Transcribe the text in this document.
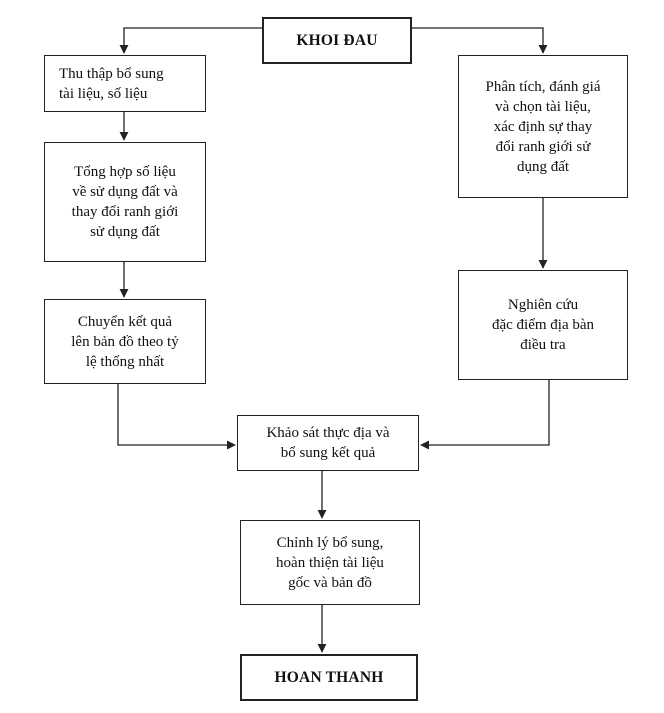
KHOI ĐAU
Thu thập bổ sung
tài liệu, số liệu
Tổng hợp số liệu
về sử dụng đất và
thay đổi ranh giới
sử dụng đất
Chuyển kết quả
lên bản đồ theo tỷ
lệ thống nhất
Phân tích, đánh giá
và chọn tài liệu,
xác định sự thay
đổi ranh giới sử
dụng đất
Nghiên cứu
đặc điểm địa bàn
điều tra
Khảo sát thực địa và
bổ sung kết quả
Chỉnh lý bổ sung,
hoàn thiện tài liệu
gốc và bản đồ
HOAN THANH
